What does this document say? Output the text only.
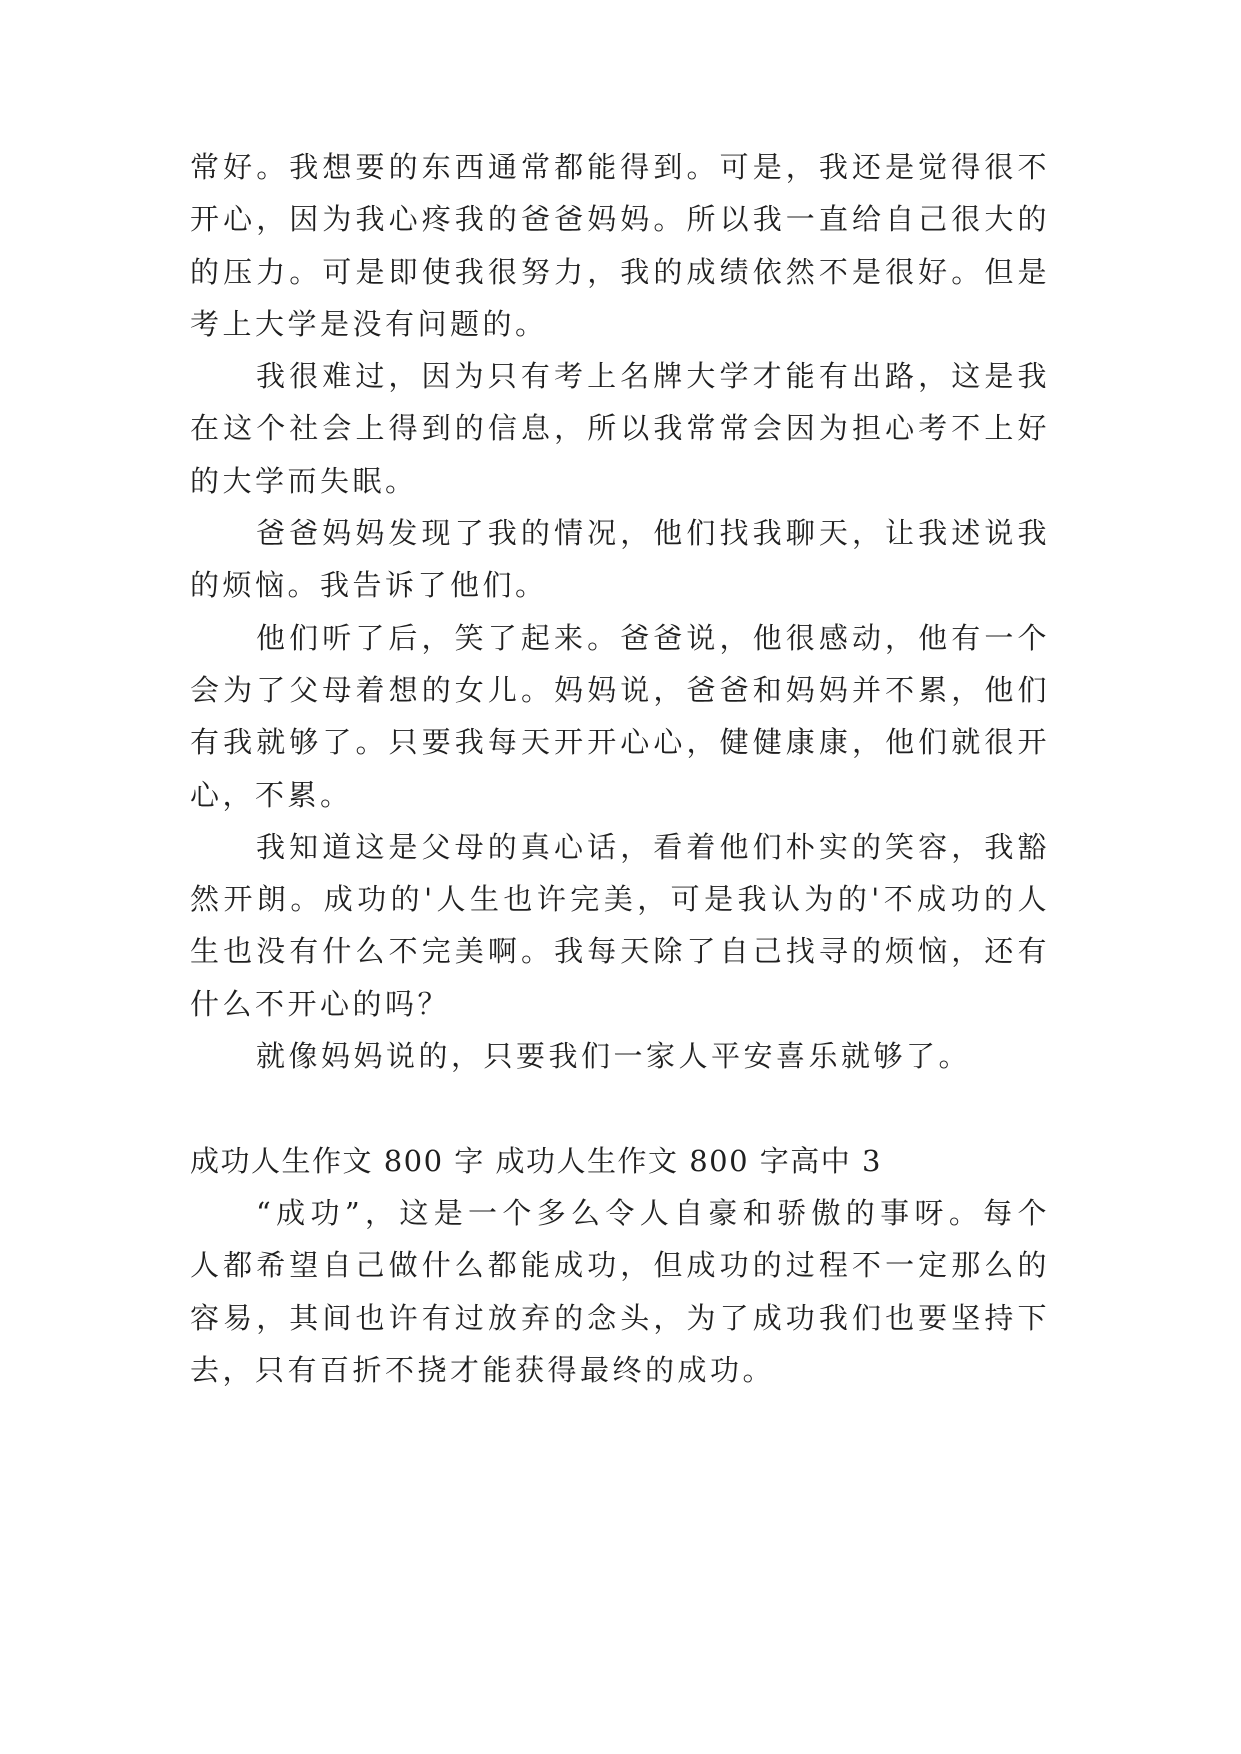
常好。我想要的东西通常都能得到。可是，我还是觉得很不
开心，因为我心疼我的爸爸妈妈。所以我一直给自己很大的
的压力。可是即使我很努力，我的成绩依然不是很好。但是
考上大学是没有问题的。
我很难过，因为只有考上名牌大学才能有出路，这是我
在这个社会上得到的信息，所以我常常会因为担心考不上好
的大学而失眠。
爸爸妈妈发现了我的情况，他们找我聊天，让我述说我
的烦恼。我告诉了他们。
他们听了后，笑了起来。爸爸说，他很感动，他有一个
会为了父母着想的女儿。妈妈说，爸爸和妈妈并不累，他们
有我就够了。只要我每天开开心心，健健康康，他们就很开
心，不累。
我知道这是父母的真心话，看着他们朴实的笑容，我豁
然开朗。成功的'人生也许完美，可是我认为的'不成功的人
生也没有什么不完美啊。我每天除了自己找寻的烦恼，还有
什么不开心的吗？
就像妈妈说的，只要我们一家人平安喜乐就够了。
成功人生作文 800 字 成功人生作文 800 字高中 3
“成功”，这是一个多么令人自豪和骄傲的事呀。每个
人都希望自己做什么都能成功，但成功的过程不一定那么的
容易，其间也许有过放弃的念头，为了成功我们也要坚持下
去，只有百折不挠才能获得最终的成功。
